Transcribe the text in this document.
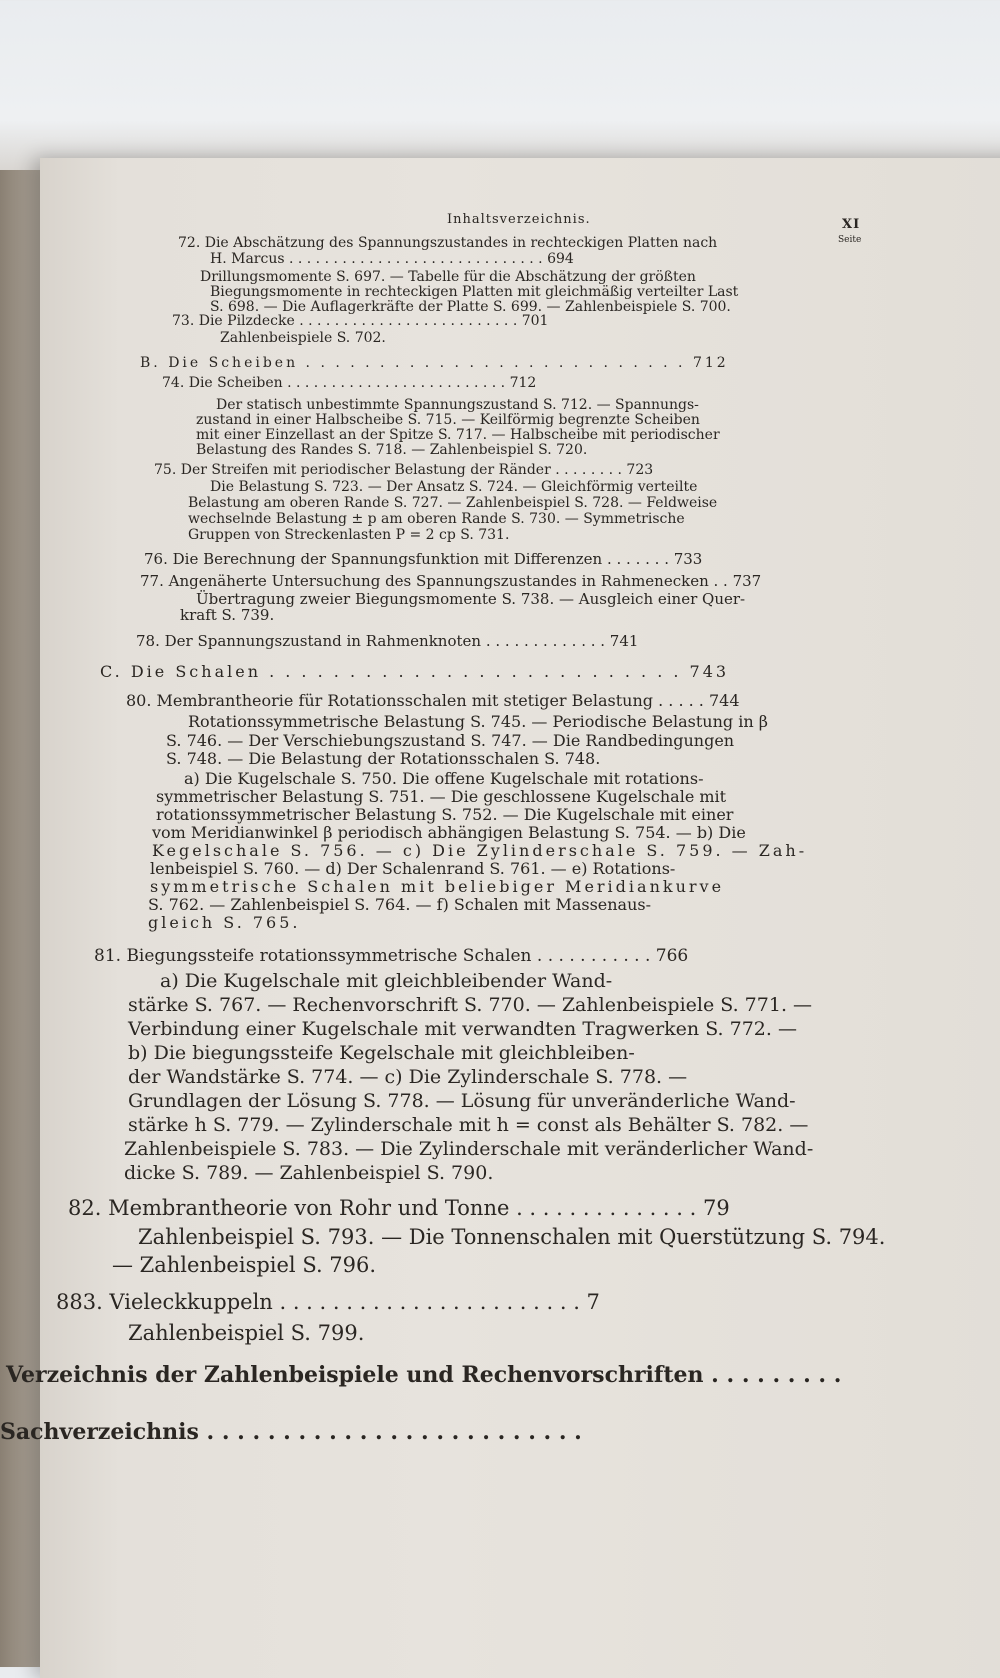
Inhaltsverzeichnis.	XI
Seite
72. Die Abschätzung des Spannungszustandes in rechteckigen Platten nach
H. Marcus . . . . . . . . . . . . . . . . . . . . . . . . . . . . . 694
Drillungsmomente S. 697. — Tabelle für die Abschätzung der größten
Biegungsmomente in rechteckigen Platten mit gleichmäßig verteilter Last
S. 698. — Die Auflagerkräfte der Platte S. 699. — Zahlenbeispiele S. 700.
73. Die Pilzdecke . . . . . . . . . . . . . . . . . . . . . . . . . 701
Zahlenbeispiele S. 702.
B. Die Scheiben . . . . . . . . . . . . . . . . . . . . . . . . . . 712
74. Die Scheiben . . . . . . . . . . . . . . . . . . . . . . . . . 712
Der statisch unbestimmte Spannungszustand S. 712. — Spannungs-
zustand in einer Halbscheibe S. 715. — Keilförmig begrenzte Scheiben
mit einer Einzellast an der Spitze S. 717. — Halbscheibe mit periodischer
Belastung des Randes S. 718. — Zahlenbeispiel S. 720.
75. Der Streifen mit periodischer Belastung der Ränder . . . . . . . . 723
Die Belastung S. 723. — Der Ansatz S. 724. — Gleichförmig verteilte
Belastung am oberen Rande S. 727. — Zahlenbeispiel S. 728. — Feldweise
wechselnde Belastung ± p am oberen Rande S. 730. — Symmetrische
Gruppen von Streckenlasten P = 2 cp S. 731.
76. Die Berechnung der Spannungsfunktion mit Differenzen . . . . . . . 733
77. Angenäherte Untersuchung des Spannungszustandes in Rahmenecken . . 737
Übertragung zweier Biegungsmomente S. 738. — Ausgleich einer Quer-
kraft S. 739.
78. Der Spannungszustand in Rahmenknoten . . . . . . . . . . . . . 741
C. Die Schalen . . . . . . . . . . . . . . . . . . . . . . . . . . 743
80. Membrantheorie für Rotationsschalen mit stetiger Belastung . . . . . 744
Rotationssymmetrische Belastung S. 745. — Periodische Belastung in β
S. 746. — Der Verschiebungszustand S. 747. — Die Randbedingungen
S. 748. — Die Belastung der Rotationsschalen S. 748.
a) Die Kugelschale S. 750. Die offene Kugelschale mit rotations-
symmetrischer Belastung S. 751. — Die geschlossene Kugelschale mit
rotationssymmetrischer Belastung S. 752. — Die Kugelschale mit einer
vom Meridianwinkel β periodisch abhängigen Belastung S. 754. — b) Die
Kegelschale S. 756. — c) Die Zylinderschale S. 759. — Zah-
lenbeispiel S. 760. — d) Der Schalenrand S. 761. — e) Rotations-
symmetrische Schalen mit beliebiger Meridiankurve
S. 762. — Zahlenbeispiel S. 764. — f) Schalen mit Massenaus-
gleich S. 765.
81. Biegungssteife rotationssymmetrische Schalen . . . . . . . . . . . 766
a) Die Kugelschale mit gleichbleibender Wand-
stärke S. 767. — Rechenvorschrift S. 770. — Zahlenbeispiele S. 771. —
Verbindung einer Kugelschale mit verwandten Tragwerken S. 772. —
b) Die biegungssteife Kegelschale mit gleichbleiben-
der Wandstärke S. 774. — c) Die Zylinderschale S. 778. —
Grundlagen der Lösung S. 778. — Lösung für unveränderliche Wand-
stärke h S. 779. — Zylinderschale mit h = const als Behälter S. 782. —
Zahlenbeispiele S. 783. — Die Zylinderschale mit veränderlicher Wand-
dicke S. 789. — Zahlenbeispiel S. 790.
82. Membrantheorie von Rohr und Tonne . . . . . . . . . . . . . . 79
Zahlenbeispiel S. 793. — Die Tonnenschalen mit Querstützung S. 794.
— Zahlenbeispiel S. 796.
883. Vieleckkuppeln . . . . . . . . . . . . . . . . . . . . . . . 7
Zahlenbeispiel S. 799.
Verzeichnis der Zahlenbeispiele und Rechenvorschriften . . . . . . . . .
Sachverzeichnis . . . . . . . . . . . . . . . . . . . . . . . . .
